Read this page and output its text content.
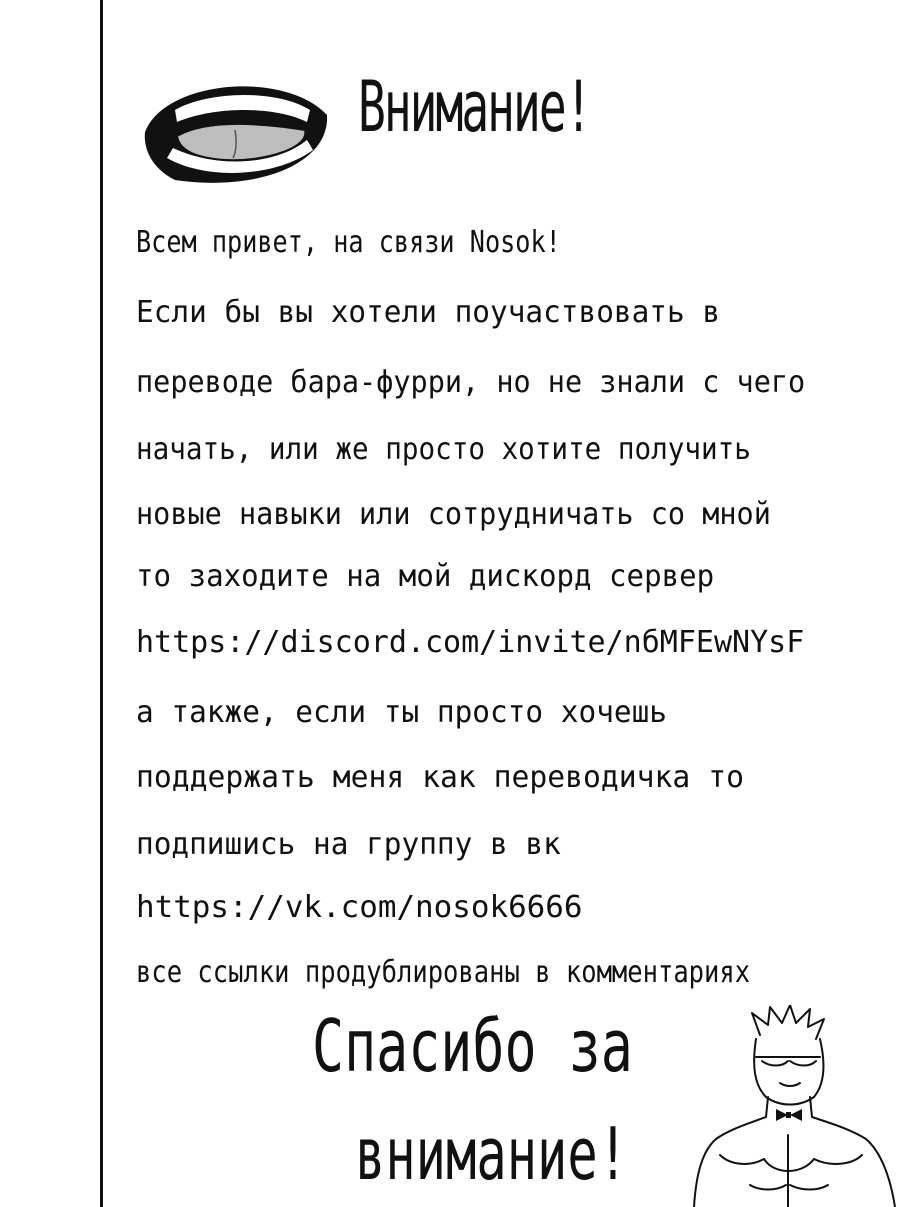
Внимание!

Всем привет, на связи Nosok!

Если бы вы хотели поучаствовать в

переводе бара-фурри, но не знали с чего

начать, или же просто хотите получить

новые навыки или сотрудничать со мной

то заходите на мой дискорд сервер

https://discord.com/invite/nбMFEwNYsF

а также, если ты просто хочешь

поддержать меня как переводичка то

подпишись на группу в вк

https://vk.com/nosok6666

все ссылки продублированы в комментариях

Спасибо за

внимание!
